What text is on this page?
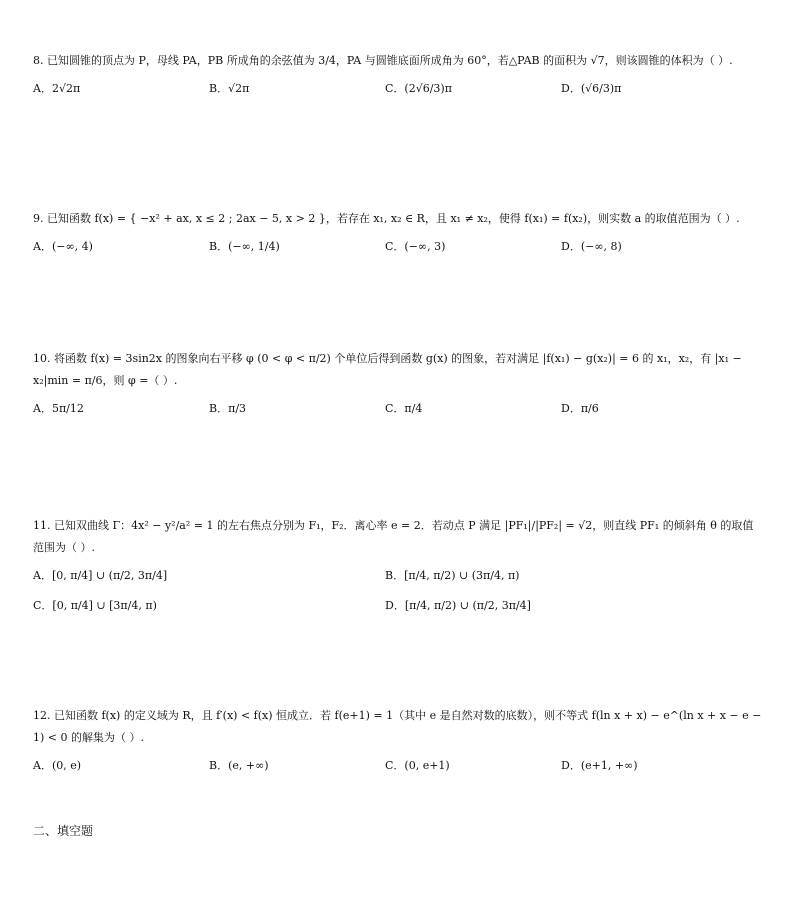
8. 已知圆锥的顶点为 P，母线 PA，PB 所成角的余弦值为 3/4，PA 与圆锥底面所成角为 60°，若△PAB 的面积为 √7，则该圆锥的体积为（ ）.
A．2√2π	B．√2π	C．(2√6/3)π	D．(√6/3)π
9. 已知函数 f(x) = { −x² + ax, x ≤ 2 ; 2ax − 5, x > 2 }，若存在 x₁, x₂ ∈ R，且 x₁ ≠ x₂，使得 f(x₁) = f(x₂)，则实数 a 的取值范围为（ ）.
A．(−∞, 4)	B．(−∞, 1/4)	C．(−∞, 3)	D．(−∞, 8)
10. 将函数 f(x) = 3sin2x 的图象向右平移 φ (0 < φ < π/2) 个单位后得到函数 g(x) 的图象，若对满足 |f(x₁) − g(x₂)| = 6 的 x₁，x₂，有 |x₁ − x₂|min = π/6，则 φ =（ ）.
A．5π/12	B．π/3	C．π/4	D．π/6
11. 已知双曲线 Γ：4x² − y²/a² = 1 的左右焦点分别为 F₁，F₂．离心率 e = 2．若动点 P 满足 |PF₁|/|PF₂| = √2，则直线 PF₁ 的倾斜角 θ 的取值范围为（ ）.
A．[0, π/4] ∪ (π/2, 3π/4]	B．[π/4, π/2) ∪ (3π/4, π)
C．[0, π/4] ∪ [3π/4, π)	D．[π/4, π/2) ∪ (π/2, 3π/4]
12. 已知函数 f(x) 的定义域为 R，且 f′(x) < f(x) 恒成立．若 f(e+1) = 1（其中 e 是自然对数的底数），则不等式 f(ln x + x) − e^(ln x + x − e − 1) < 0 的解集为（ ）.
A．(0, e)	B．(e, +∞)	C．(0, e+1)	D．(e+1, +∞)
二、填空题
